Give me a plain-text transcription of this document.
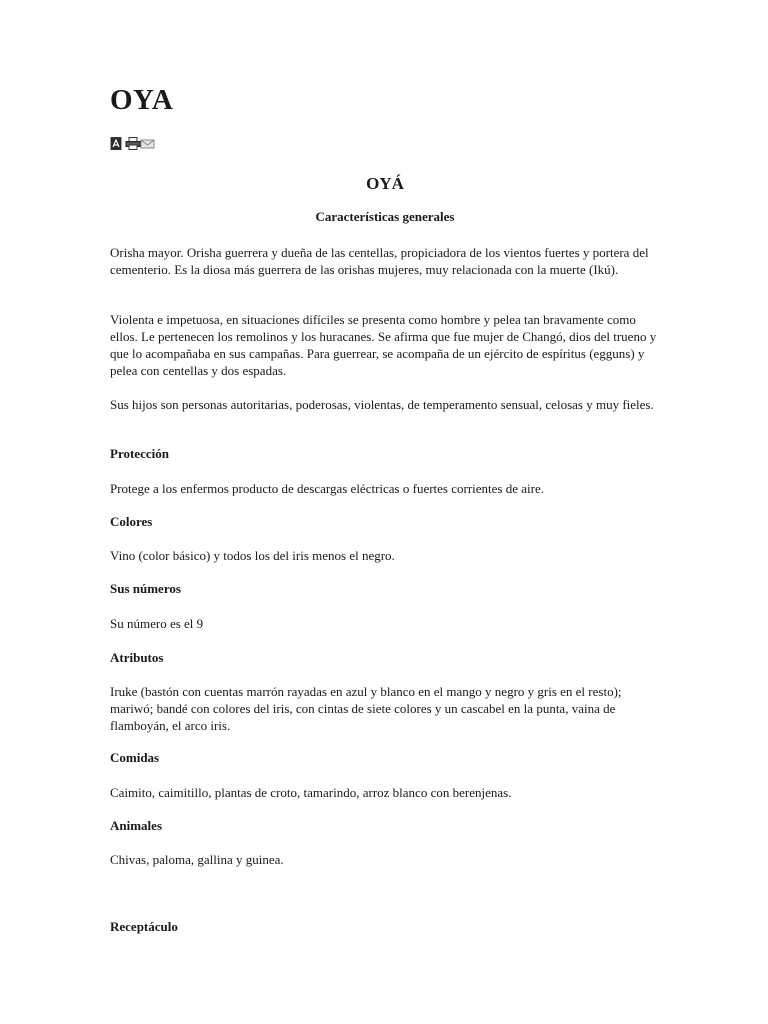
OYA
OYÁ
Características generales

Orisha mayor. Orisha guerrera y dueña de las centellas, propiciadora de los vientos fuertes y portera del cementerio. Es la diosa más guerrera de las orishas mujeres, muy relacionada con la muerte (Ikú).

Violenta e impetuosa, en situaciones difíciles se presenta como hombre y pelea tan bravamente como ellos. Le pertenecen los remolinos y los huracanes. Se afirma que fue mujer de Changó, dios del trueno y que lo acompañaba en sus campañas. Para guerrear, se acompaña de un ejército de espíritus (egguns) y pelea con centellas y dos espadas.

Sus hijos son personas autoritarias, poderosas, violentas, de temperamento sensual, celosas y muy fieles.

Protección

Protege a los enfermos producto de descargas eléctricas o fuertes corrientes de aire.

Colores

Vino (color básico) y todos los del iris menos el negro.

Sus números

Su número es el 9

Atributos

Iruke (bastón con cuentas marrón rayadas en azul y blanco en el mango y negro y gris en el resto); mariwó; bandé con colores del iris, con cintas de siete colores y un cascabel en la punta, vaina de flamboyán, el arco iris.

Comidas

Caimito, caimitillo, plantas de croto, tamarindo, arroz blanco con berenjenas.

Animales

Chivas, paloma, gallina y guinea.

Receptáculo
